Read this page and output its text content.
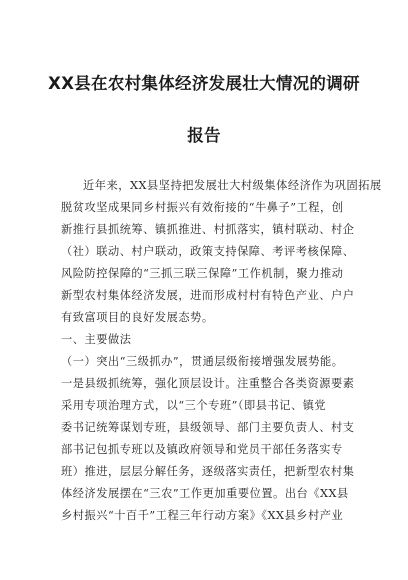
XX县在农村集体经济发展壮大情况的调研
报告
近年来，XX县坚持把发展壮大村级集体经济作为巩固拓展
脱贫攻坚成果同乡村振兴有效衔接的“牛鼻子”工程，创
新推行县抓统筹、镇抓推进、村抓落实，镇村联动、村企
（社）联动、村户联动，政策支持保障、考评考核保障、
风险防控保障的“三抓三联三保障”工作机制，聚力推动
新型农村集体经济发展，进而形成村村有特色产业、户户
有致富项目的良好发展态势。
一、主要做法
（一）突出“三级抓办”，贯通层级衔接增强发展势能。
一是县级抓统筹，强化顶层设计。注重整合各类资源要素
采用专项治理方式，以“三个专班”（即县书记、镇党
委书记统筹谋划专班，县级领导、部门主要负责人、村支
部书记包抓专班以及镇政府领导和党员干部任务落实专
班）推进，层层分解任务，逐级落实责任，把新型农村集
体经济发展摆在“三农”工作更加重要位置。出台《XX县
乡村振兴“十百千”工程三年行动方案》《XX县乡村产业
